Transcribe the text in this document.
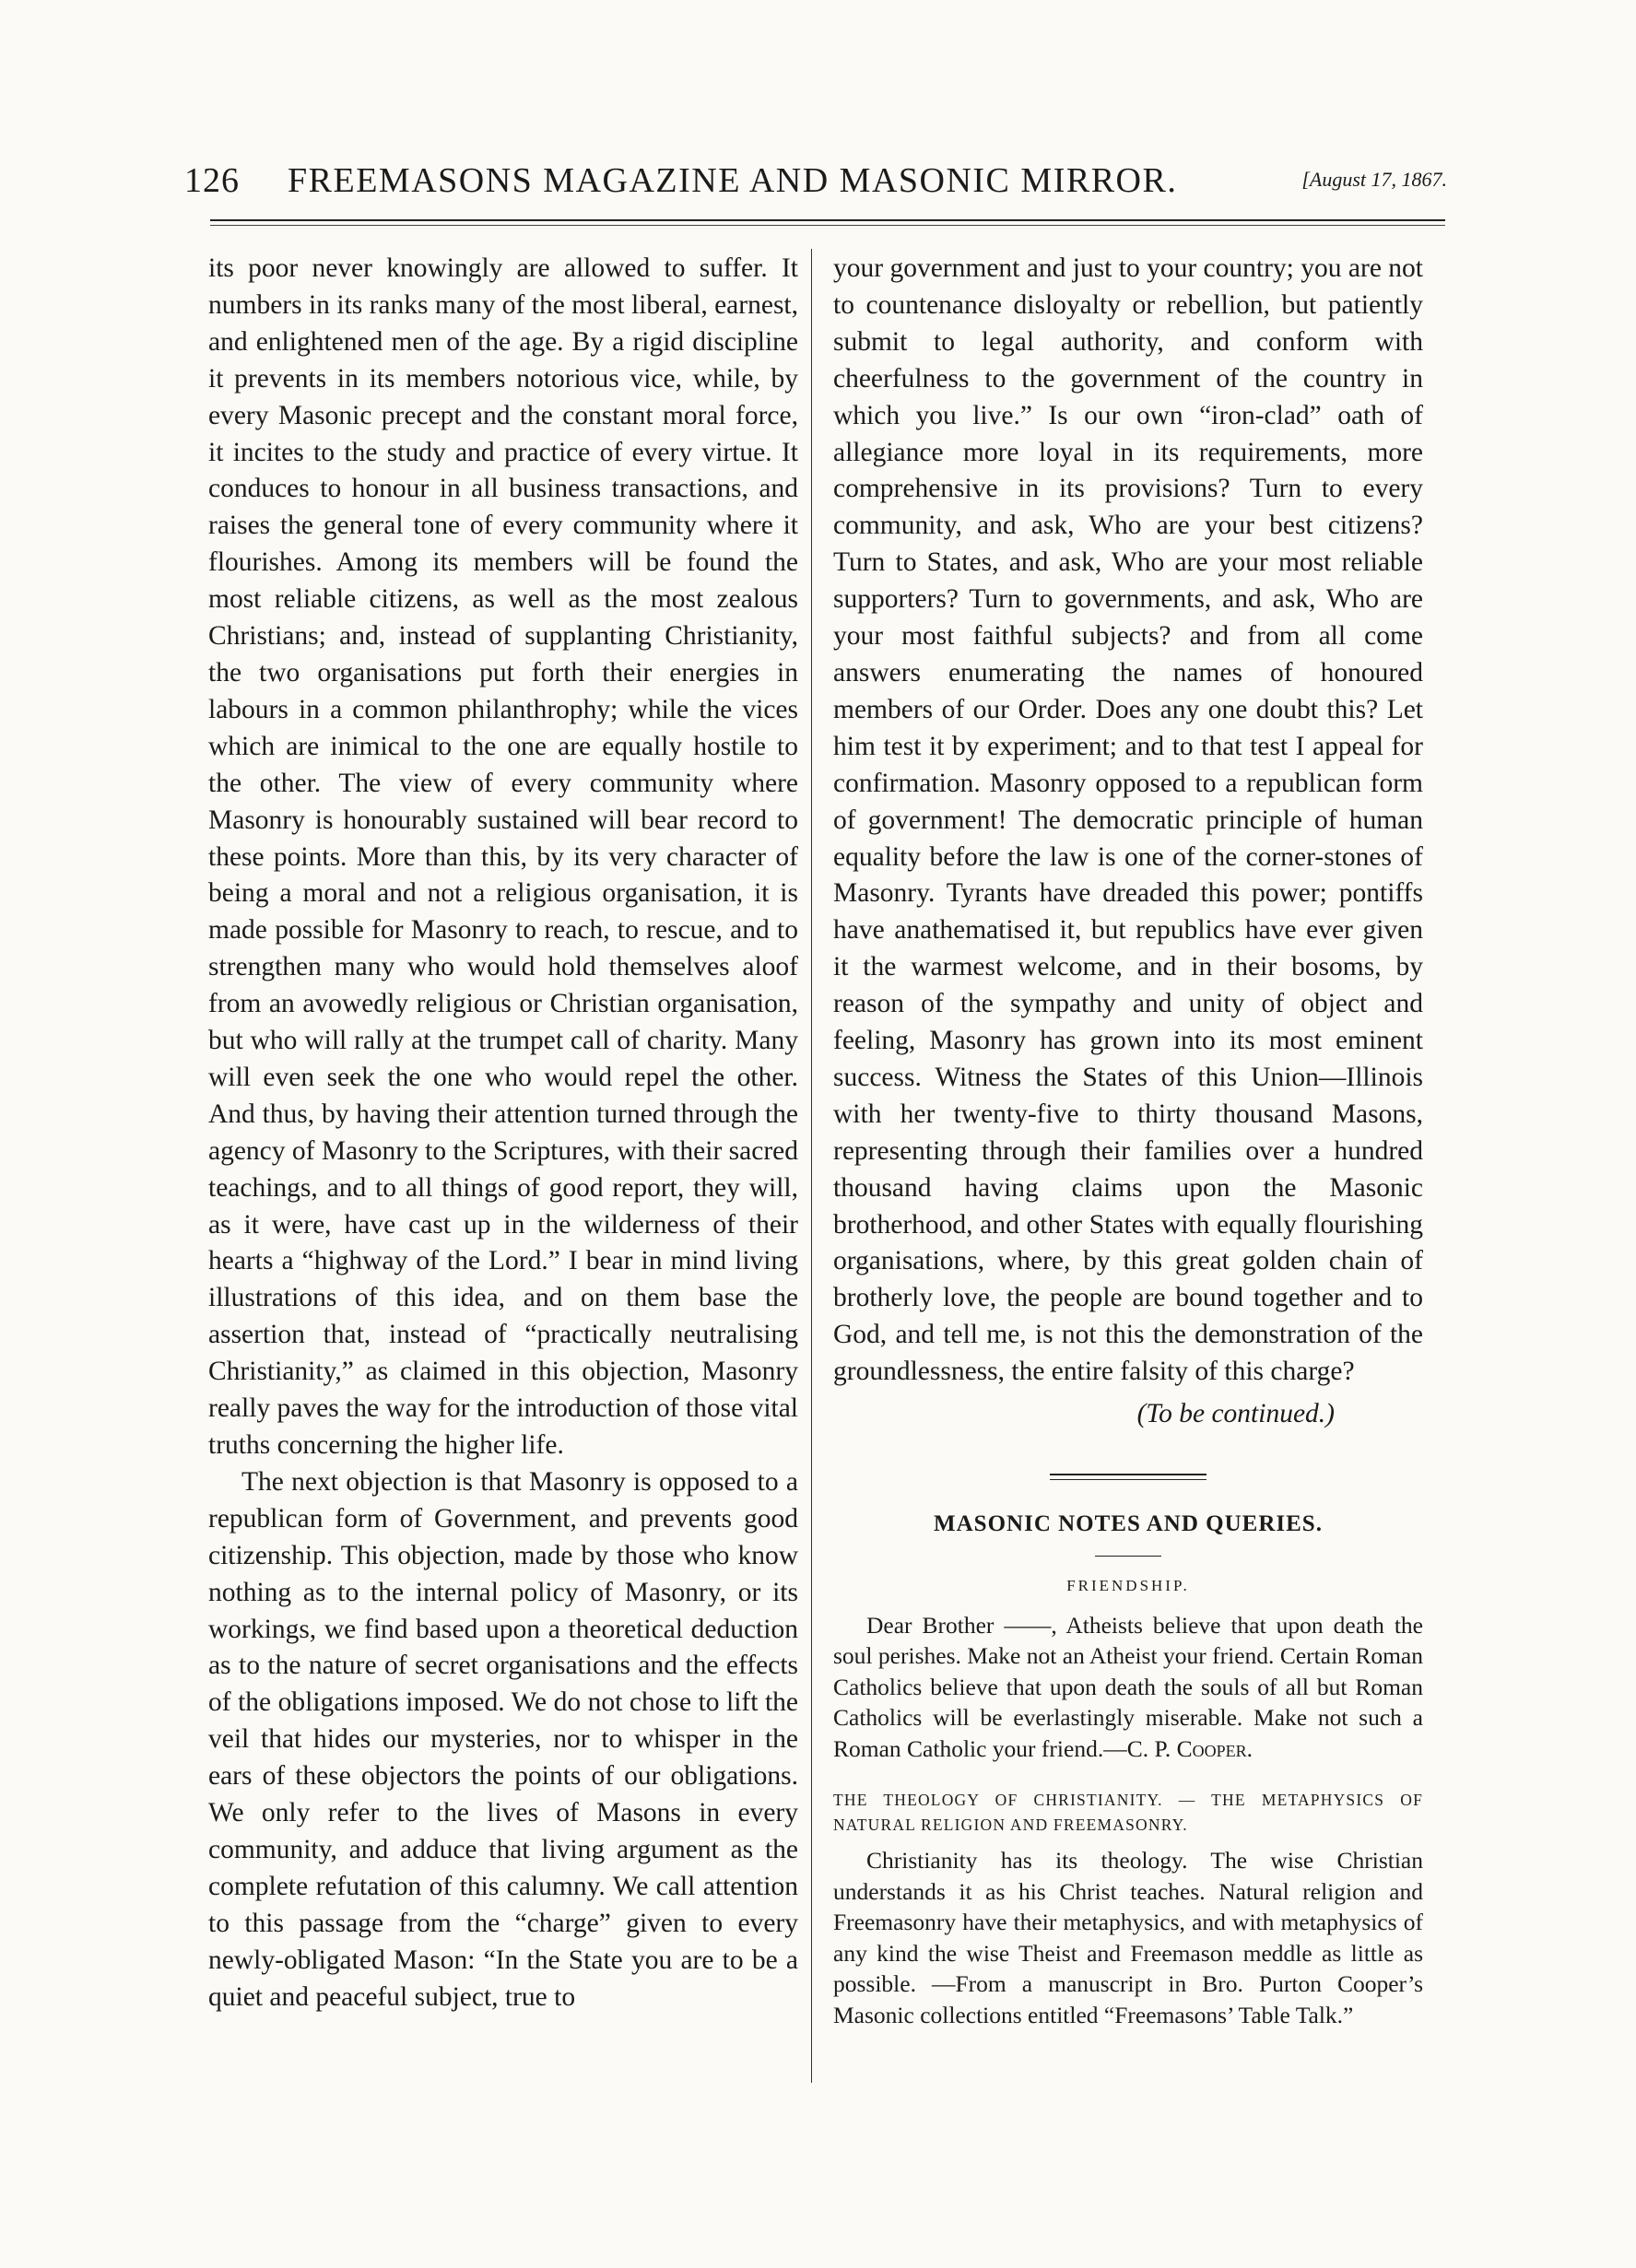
126 FREEMASONS MAGAZINE AND MASONIC MIRROR.	[August 17, 1867.

its poor never knowingly are allowed to suffer. It numbers in its ranks many of the most liberal, earnest, and enlightened men of the age. By a rigid discipline it prevents in its members notorious vice, while, by every Masonic precept and the constant moral force, it incites to the study and practice of every virtue. It conduces to honour in all business transactions, and raises the general tone of every community where it flourishes. Among its members will be found the most reliable citizens, as well as the most zealous Christians; and, instead of supplanting Christianity, the two organisations put forth their energies in labours in a common philanthrophy; while the vices which are inimical to the one are equally hostile to the other. The view of every community where Masonry is honourably sustained will bear record to these points. More than this, by its very character of being a moral and not a religious organisation, it is made possible for Masonry to reach, to rescue, and to strengthen many who would hold themselves aloof from an avowedly religious or Christian organisation, but who will rally at the trumpet call of charity. Many will even seek the one who would repel the other. And thus, by having their attention turned through the agency of Masonry to the Scriptures, with their sacred teachings, and to all things of good report, they will, as it were, have cast up in the wilderness of their hearts a “highway of the Lord.” I bear in mind living illustrations of this idea, and on them base the assertion that, instead of “practically neutralising Christianity,” as claimed in this objection, Masonry really paves the way for the introduction of those vital truths concerning the higher life.

The next objection is that Masonry is opposed to a republican form of Government, and prevents good citizenship. This objection, made by those who know nothing as to the internal policy of Masonry, or its workings, we find based upon a theoretical deduction as to the nature of secret organisations and the effects of the obligations imposed. We do not chose to lift the veil that hides our mysteries, nor to whisper in the ears of these objectors the points of our obligations. We only refer to the lives of Masons in every community, and adduce that living argument as the complete refutation of this calumny. We call attention to this passage from the “charge” given to every newly-obligated Mason: “In the State you are to be a quiet and peaceful subject, true to

your government and just to your country; you are not to countenance disloyalty or rebellion, but patiently submit to legal authority, and conform with cheerfulness to the government of the country in which you live.” Is our own “iron-clad” oath of allegiance more loyal in its requirements, more comprehensive in its provisions? Turn to every community, and ask, Who are your best citizens? Turn to States, and ask, Who are your most reliable supporters? Turn to governments, and ask, Who are your most faithful subjects? and from all come answers enumerating the names of honoured members of our Order. Does any one doubt this? Let him test it by experiment; and to that test I appeal for confirmation. Masonry opposed to a republican form of government! The democratic principle of human equality before the law is one of the corner-stones of Masonry. Tyrants have dreaded this power; pontiffs have anathematised it, but republics have ever given it the warmest welcome, and in their bosoms, by reason of the sympathy and unity of object and feeling, Masonry has grown into its most eminent success. Witness the States of this Union—Illinois with her twenty-five to thirty thousand Masons, representing through their families over a hundred thousand having claims upon the Masonic brotherhood, and other States with equally flourishing organisations, where, by this great golden chain of brotherly love, the people are bound together and to God, and tell me, is not this the demonstration of the groundlessness, the entire falsity of this charge?

(To be continued.)

MASONIC NOTES AND QUERIES.

FRIENDSHIP.

Dear Brother ——, Atheists believe that upon death the soul perishes. Make not an Atheist your friend. Certain Roman Catholics believe that upon death the souls of all but Roman Catholics will be everlastingly miserable. Make not such a Roman Catholic your friend.—C. P. Cooper.

THE THEOLOGY OF CHRISTIANITY. — THE METAPHYSICS OF NATURAL RELIGION AND FREEMASONRY.

Christianity has its theology. The wise Christian understands it as his Christ teaches. Natural religion and Freemasonry have their metaphysics, and with metaphysics of any kind the wise Theist and Freemason meddle as little as possible. —From a manuscript in Bro. Purton Cooper’s Masonic collections entitled “Freemasons’ Table Talk.”
